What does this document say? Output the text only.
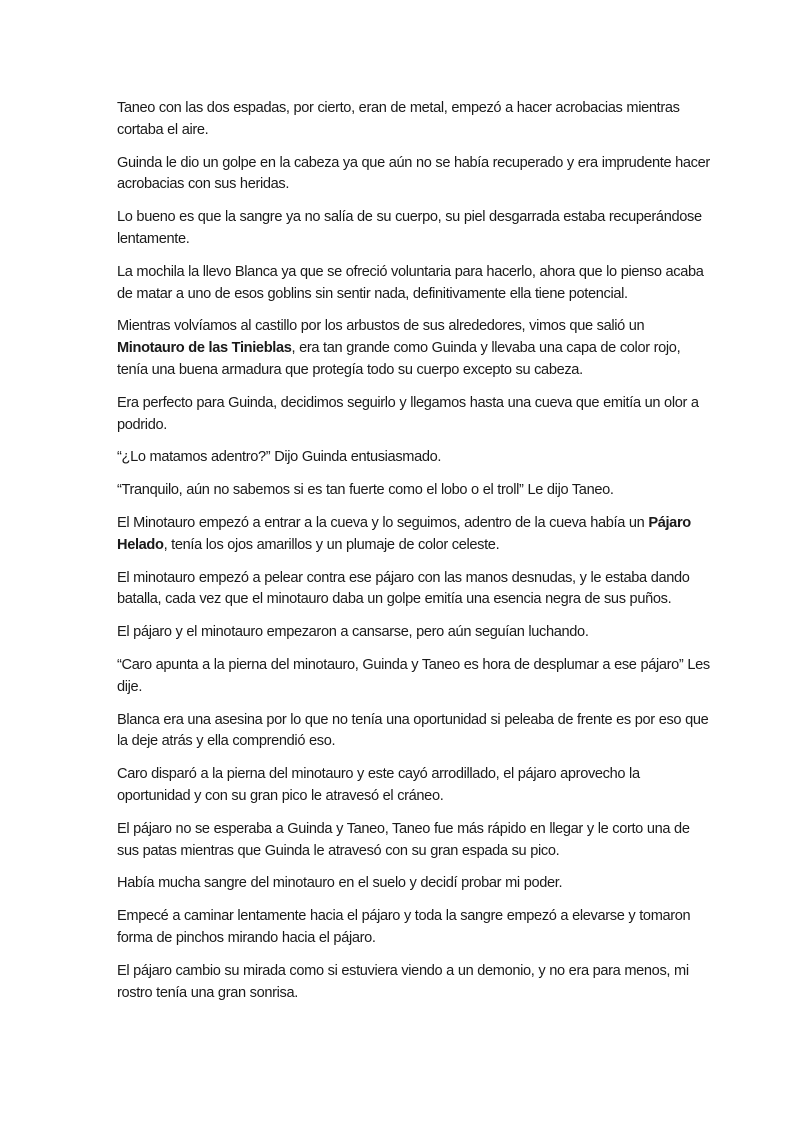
Taneo con las dos espadas, por cierto, eran de metal, empezó a hacer acrobacias mientras cortaba el aire.

Guinda le dio un golpe en la cabeza ya que aún no se había recuperado y era imprudente hacer acrobacias con sus heridas.

Lo bueno es que la sangre ya no salía de su cuerpo, su piel desgarrada estaba recuperándose lentamente.

La mochila la llevo Blanca ya que se ofreció voluntaria para hacerlo, ahora que lo pienso acaba de matar a uno de esos goblins sin sentir nada, definitivamente ella tiene potencial.

Mientras volvíamos al castillo por los arbustos de sus alrededores, vimos que salió un Minotauro de las Tinieblas, era tan grande como Guinda y llevaba una capa de color rojo, tenía una buena armadura que protegía todo su cuerpo excepto su cabeza.

Era perfecto para Guinda, decidimos seguirlo y llegamos hasta una cueva que emitía un olor a podrido.

“¿Lo matamos adentro?” Dijo Guinda entusiasmado.

“Tranquilo, aún no sabemos si es tan fuerte como el lobo o el troll” Le dijo Taneo.

El Minotauro empezó a entrar a la cueva y lo seguimos, adentro de la cueva había un Pájaro Helado, tenía los ojos amarillos y un plumaje de color celeste.

El minotauro empezó a pelear contra ese pájaro con las manos desnudas, y le estaba dando batalla, cada vez que el minotauro daba un golpe emitía una esencia negra de sus puños.

El pájaro y el minotauro empezaron a cansarse, pero aún seguían luchando.

“Caro apunta a la pierna del minotauro, Guinda y Taneo es hora de desplumar a ese pájaro” Les dije.

Blanca era una asesina por lo que no tenía una oportunidad si peleaba de frente es por eso que la deje atrás y ella comprendió eso.

Caro disparó a la pierna del minotauro y este cayó arrodillado, el pájaro aprovecho la oportunidad y con su gran pico le atravesó el cráneo.

El pájaro no se esperaba a Guinda y Taneo, Taneo fue más rápido en llegar y le corto una de sus patas mientras que Guinda le atravesó con su gran espada su pico.

Había mucha sangre del minotauro en el suelo y decidí probar mi poder.

Empecé a caminar lentamente hacia el pájaro y toda la sangre empezó a elevarse y tomaron forma de pinchos mirando hacia el pájaro.

El pájaro cambio su mirada como si estuviera viendo a un demonio, y no era para menos, mi rostro tenía una gran sonrisa.
